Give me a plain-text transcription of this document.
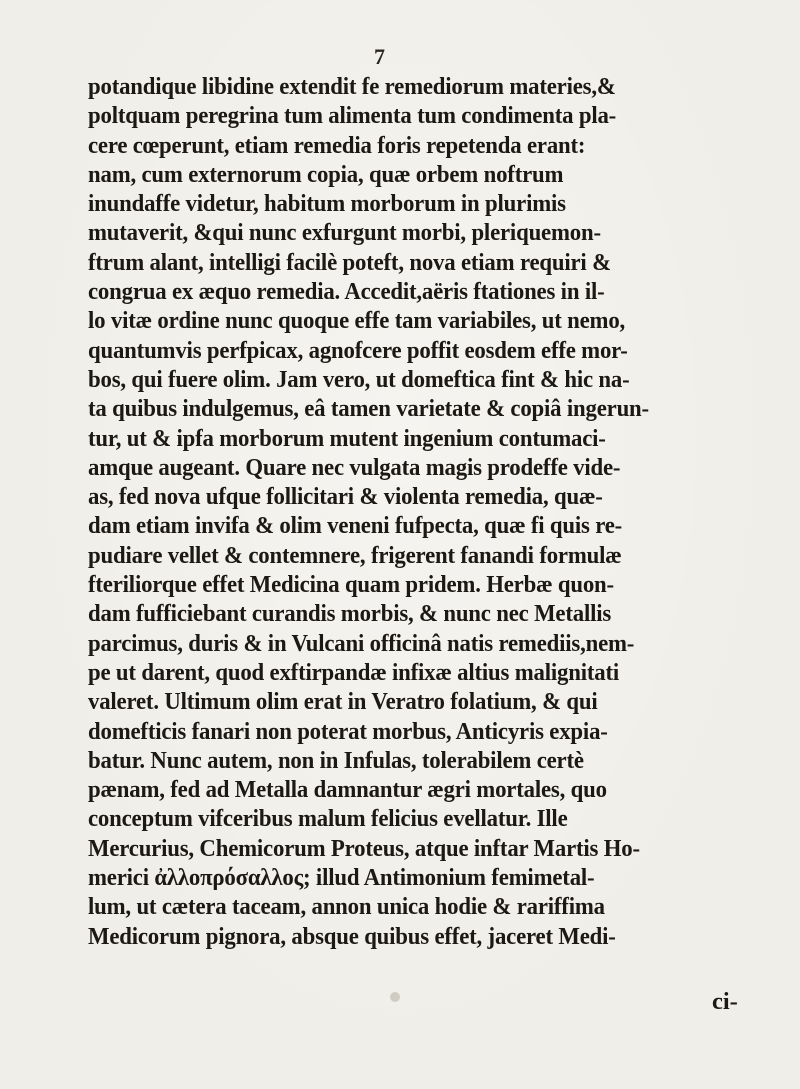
7
potandique libidine extendit fe remediorum materies,&
poltquam peregrina tum alimenta tum condimenta pla-
cere cœperunt, etiam remedia foris repetenda erant:
nam, cum externorum copia, quæ orbem noftrum
inundaffe videtur, habitum morborum in plurimis
mutaverit, &qui nunc exfurgunt morbi, pleriquemon-
ftrum alant, intelligi facilè poteft, nova etiam requiri &
congrua ex æquo remedia. Accedit,aëris ftationes in il-
lo vitæ ordine nunc quoque effe tam variabiles, ut nemo,
quantumvis perfpicax, agnofcere poffit eosdem effe mor-
bos, qui fuere olim. Jam vero, ut domeftica fint & hic na-
ta quibus indulgemus, eâ tamen varietate & copiâ ingerun-
tur, ut & ipfa morborum mutent ingenium contumaci-
amque augeant. Quare nec vulgata magis prodeffe vide-
as, fed nova ufque follicitari & violenta remedia, quæ-
dam etiam invifa & olim veneni fufpecta, quæ fi quis re-
pudiare vellet & contemnere, frigerent fanandi formulæ
fteriliorque effet Medicina quam pridem. Herbæ quon-
dam fufficiebant curandis morbis, & nunc nec Metallis
parcimus, duris & in Vulcani officinâ natis remediis,nem-
pe ut darent, quod exftirpandæ infixæ altius malignitati
valeret. Ultimum olim erat in Veratro folatium, & qui
domefticis fanari non poterat morbus, Anticyris expia-
batur. Nunc autem, non in Infulas, tolerabilem certè
pænam, fed ad Metalla damnantur ægri mortales, quo
conceptum vifceribus malum felicius evellatur. Ille
Mercurius, Chemicorum Proteus, atque inftar Martis Ho-
merici ἀλλοπρόσαλλος; illud Antimonium femimetal-
lum, ut cætera taceam, annon unica hodie & rariffima
Medicorum pignora, absque quibus effet, jaceret Medi-
ci-
